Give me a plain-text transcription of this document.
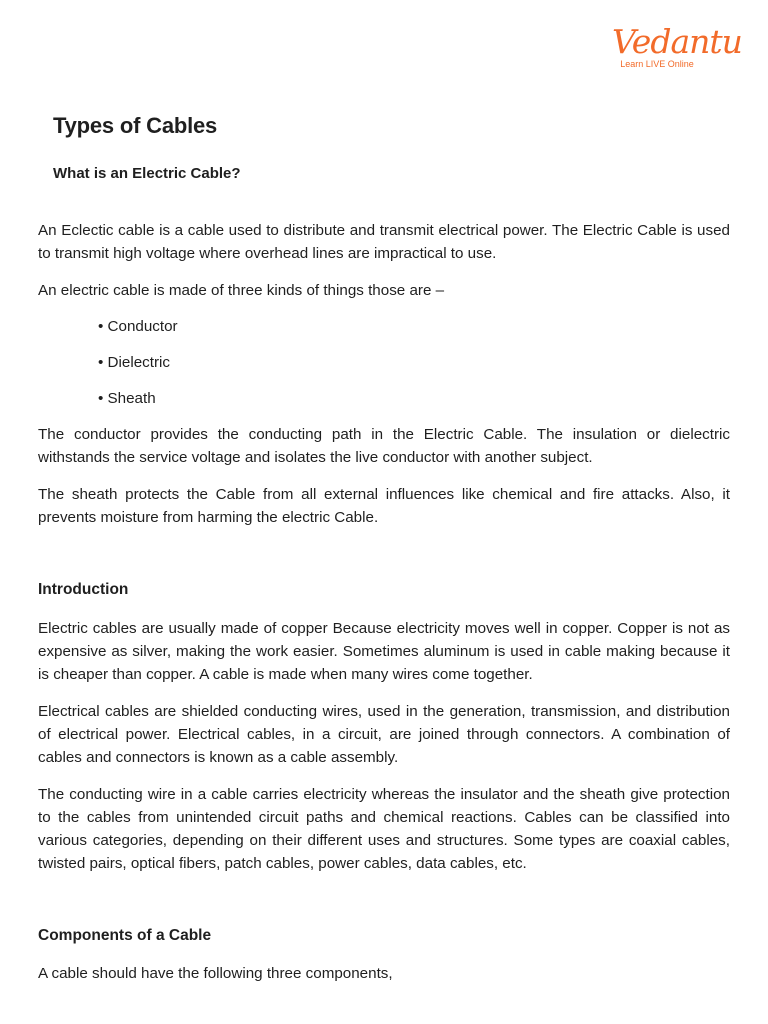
Vedantu
Learn LIVE Online
Types of Cables

What is an Electric Cable?

An Eclectic cable is a cable used to distribute and transmit electrical power. The Electric Cable is used to transmit high voltage where overhead lines are impractical to use.

An electric cable is made of three kinds of things those are –

• Conductor

• Dielectric

• Sheath

The conductor provides the conducting path in the Electric Cable. The insulation or dielectric withstands the service voltage and isolates the live conductor with another subject.

The sheath protects the Cable from all external influences like chemical and fire attacks. Also, it prevents moisture from harming the electric Cable.

Introduction

Electric cables are usually made of copper Because electricity moves well in copper. Copper is not as expensive as silver, making the work easier. Sometimes aluminum is used in cable making because it is cheaper than copper. A cable is made when many wires come together.

Electrical cables are shielded conducting wires, used in the generation, transmission, and distribution of electrical power. Electrical cables, in a circuit, are joined through connectors. A combination of cables and connectors is known as a cable assembly.

The conducting wire in a cable carries electricity whereas the insulator and the sheath give protection to the cables from unintended circuit paths and chemical reactions. Cables can be classified into various categories, depending on their different uses and structures. Some types are coaxial cables, twisted pairs, optical fibers, patch cables, power cables, data cables, etc.

Components of a Cable

A cable should have the following three components,
